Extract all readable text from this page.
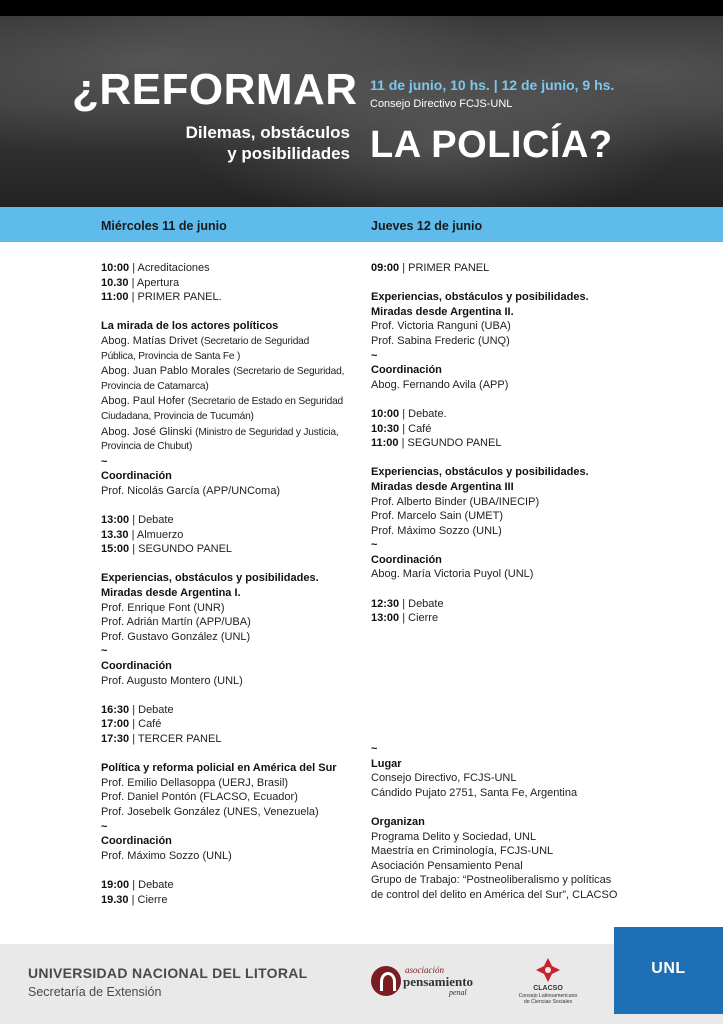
¿REFORMAR
Dilemas, obstáculos
y posibilidades
11 de junio, 10 hs. | 12 de junio, 9 hs.
Consejo Directivo FCJS-UNL
LA POLICÍA?
Miércoles 11 de junio	Jueves 12 de junio
10:00 | Acreditaciones
10.30 | Apertura
11:00 | PRIMER PANEL.
La mirada de los actores políticos
Abog. Matías Drivet (Secretario de Seguridad
Pública, Provincia de Santa Fe )
Abog. Juan Pablo Morales (Secretario de Seguridad,
Provincia de Catamarca)
Abog. Paul Hofer (Secretario de Estado en Seguridad
Ciudadana, Provincia de Tucumán)
Abog. José Glinski (Ministro de Seguridad y Justicia,
Provincia de Chubut)
~
Coordinación
Prof. Nicolás García (APP/UNComa)
13:00 | Debate
13.30 | Almuerzo
15:00 | SEGUNDO PANEL
Experiencias, obstáculos y posibilidades.
Miradas desde Argentina I.
Prof. Enrique Font (UNR)
Prof. Adrián Martín (APP/UBA)
Prof. Gustavo González (UNL)
~
Coordinación
Prof. Augusto Montero (UNL)
16:30 | Debate
17:00 | Café
17:30 | TERCER PANEL
Política y reforma policial en América del Sur
Prof. Emilio Dellasoppa (UERJ, Brasil)
Prof. Daniel Pontón (FLACSO, Ecuador)
Prof. Josebelk González (UNES, Venezuela)
~
Coordinación
Prof. Máximo Sozzo (UNL)
19:00 | Debate
19.30 | Cierre
09:00 | PRIMER PANEL
Experiencias, obstáculos y posibilidades.
Miradas desde Argentina II.
Prof. Victoria Ranguni (UBA)
Prof. Sabina Frederic (UNQ)
~
Coordinación
Abog. Fernando Avila (APP)
10:00 | Debate.
10:30 | Café
11:00 | SEGUNDO PANEL
Experiencias, obstáculos y posibilidades.
Miradas desde Argentina III
Prof. Alberto Binder (UBA/INECIP)
Prof. Marcelo Sain (UMET)
Prof. Máximo Sozzo (UNL)
~
Coordinación
Abog. María Victoria Puyol (UNL)
12:30 | Debate
13:00 | Cierre
~
Lugar
Consejo Directivo, FCJS-UNL
Cándido Pujato 2751, Santa Fe, Argentina
Organizan
Programa Delito y Sociedad, UNL
Maestría en Criminología, FCJS-UNL
Asociación Pensamiento Penal
Grupo de Trabajo: “Postneoliberalismo y políticas
de control del delito en América del Sur”, CLACSO
UNIVERSIDAD NACIONAL DEL LITORAL
Secretaría de Extensión
asociación
pensamiento
penal	CLACSO
Consejo Latinoamericano
de Ciencias Sociales
UNL
